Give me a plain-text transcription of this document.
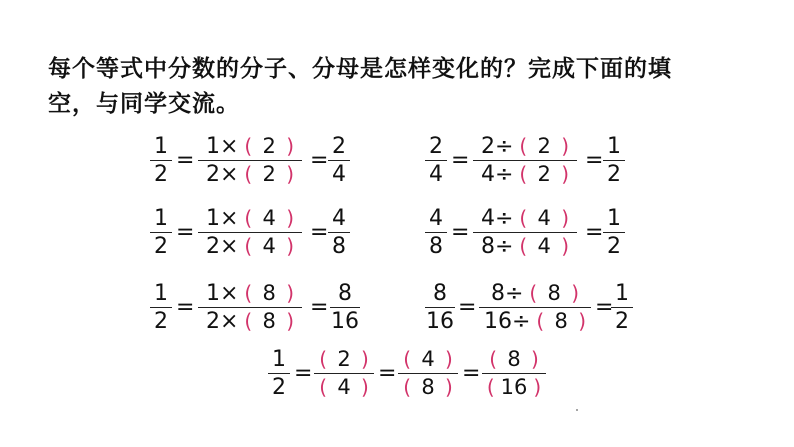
每个等式中分数的分子、分母是怎样变化的？完成下面的填
空，与同学交流。
1
2
=
1 × ( 2 )
2 × ( 2 )
=
2
4
2
4
=
2 ÷ ( 2 )
4 ÷ ( 2 )
=
1
2
1
2
=
1 × ( 4 )
2 × ( 4 )
=
4
8
4
8
=
4 ÷ ( 4 )
8 ÷ ( 4 )
=
1
2
1
2
=
1 × ( 8 )
2 × ( 8 )
=
8
16
8
16
=
8 ÷ ( 8 )
16 ÷ ( 8 )
=
1
2
1
2
=
( 2 )
( 4 )
=
( 4 )
( 8 )
=
( 8 )
( 16 )
